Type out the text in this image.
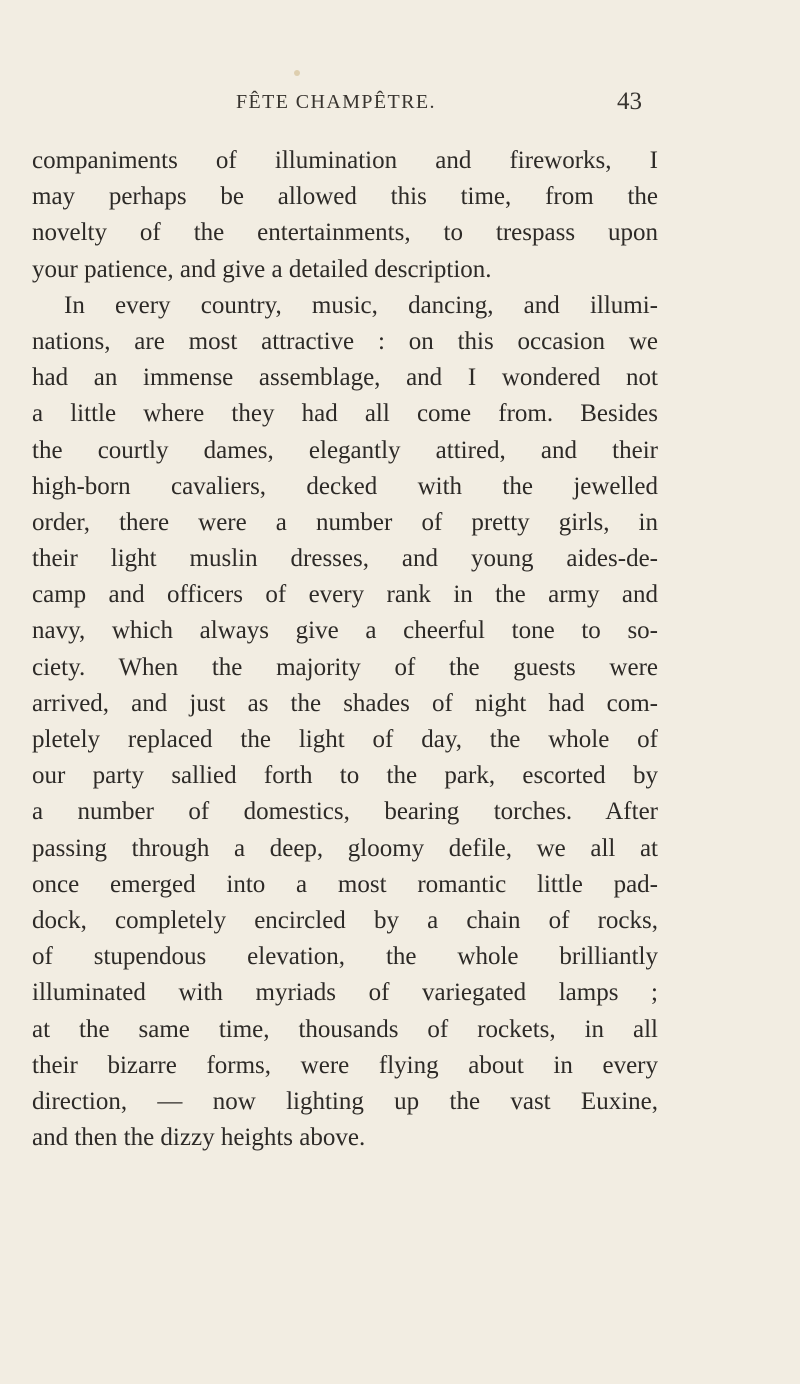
FÊTE CHAMPÊTRE.	43
companiments of illumination and fireworks, I
may perhaps be allowed this time, from the
novelty of the entertainments, to trespass upon
your patience, and give a detailed description.
In every country, music, dancing, and illumi-
nations, are most attractive : on this occasion we
had an immense assemblage, and I wondered not
a little where they had all come from. Besides
the courtly dames, elegantly attired, and their
high-born cavaliers, decked with the jewelled
order, there were a number of pretty girls, in
their light muslin dresses, and young aides-de-
camp and officers of every rank in the army and
navy, which always give a cheerful tone to so-
ciety. When the majority of the guests were
arrived, and just as the shades of night had com-
pletely replaced the light of day, the whole of
our party sallied forth to the park, escorted by
a number of domestics, bearing torches. After
passing through a deep, gloomy defile, we all at
once emerged into a most romantic little pad-
dock, completely encircled by a chain of rocks,
of stupendous elevation, the whole brilliantly
illuminated with myriads of variegated lamps ;
at the same time, thousands of rockets, in all
their bizarre forms, were flying about in every
direction, — now lighting up the vast Euxine,
and then the dizzy heights above.
